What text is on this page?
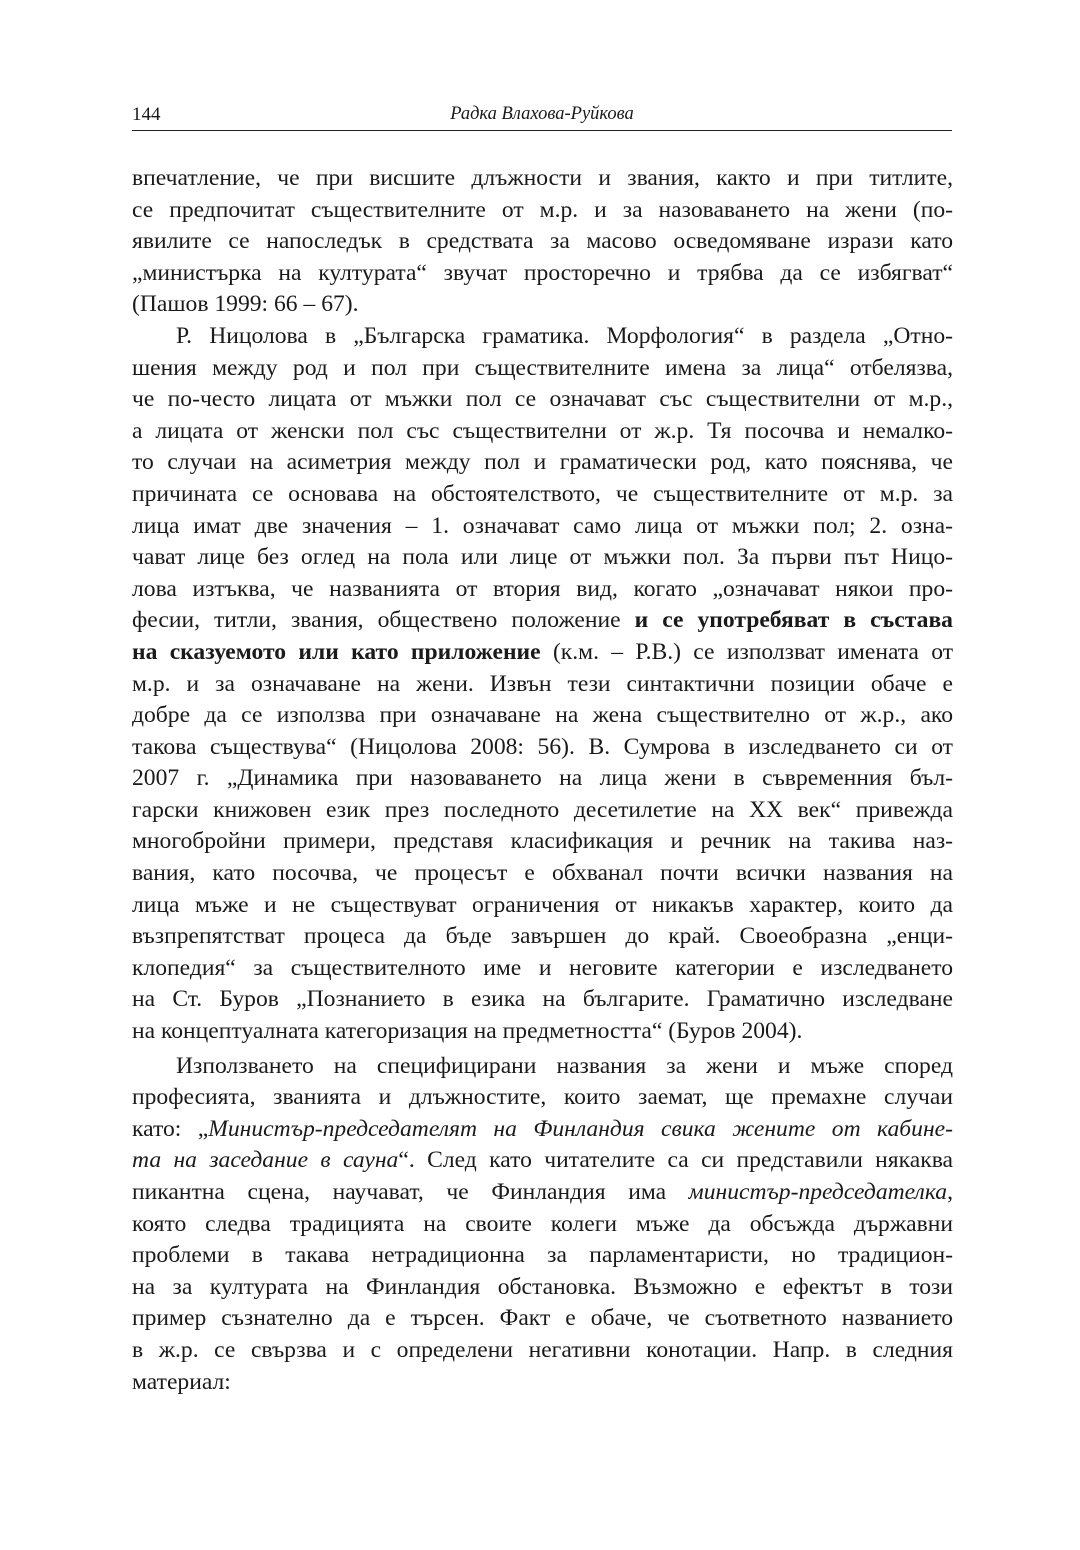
144	Радка Влахова-Руйкова

впечатление, че при висшите длъжности и звания, както и при титлите,
се предпочитат съществителните от м.р. и за назоваването на жени (по-
явилите се напоследък в средствата за масово осведомяване изрази като
„министърка на културата“ звучат простоpечно и трябва да се избягват“
(Пашов 1999: 66 – 67).

Р. Ницолова в „Българска граматика. Морфология“ в раздела „Отно-
шения между род и пол при съществителните имена за лица“ отбелязва,
че по-често лицата от мъжки пол се означават със съществителни от м.р.,
а лицата от женски пол със съществителни от ж.р. Тя посочва и немалко-
то случаи на асиметрия между пол и граматически род, като пояснява, че
причината се основава на обстоятелството, че съществителните от м.р. за
лица имат две значения – 1. означават само лица от мъжки пол; 2. озна-
чават лице без оглед на пола или лице от мъжки пол. За първи път Ницо-
лова изтъква, че названията от втория вид, когато „означават някои про-
фесии, титли, звания, обществено положение и се употребяват в състава
на сказуемото или като приложение (к.м. – Р.В.) се използват имената от
м.р. и за означаване на жени. Извън тези синтактични позиции обаче е
добре да се използва при означаване на жена съществително от ж.р., ако
такова съществува“ (Ницолова 2008: 56). В. Сумрова в изследването си от
2007 г. „Динамика при назоваването на лица жени в съвременния бъл-
гарски книжовен език през последното десетилетие на ХХ век“ привежда
многобройни примери, представя класификация и речник на такива наз-
вания, като посочва, че процесът е обхванал почти всички названия на
лица мъже и не съществуват ограничения от никакъв характер, които да
възпрепятстват процеса да бъде завършен до край. Своеобразна „енци-
клопедия“ за съществителното име и неговите категории е изследването
на Ст. Буров „Познанието в езика на българите. Граматично изследване
на концептуалната категоризация на предметността“ (Буров 2004).

Използването на специфицирани названия за жени и мъже според
професията, званията и длъжностите, които заемат, ще премахне случаи
като: „Министър-председателят на Финландия свика жените от кабине-
та на заседание в сауна“. След като читателите са си представили някаква
пикантна сцена, научават, че Финландия има министър-председателка,
която следва традицията на своите колеги мъже да обсъжда държавни
проблеми в такава нетрадиционна за парламентаристи, но традицион-
на за културата на Финландия обстановка. Възможно е ефектът в този
пример съзнателно да е търсен. Факт е обаче, че съответното названието
в ж.р. се свързва и с определени негативни конотации. Напр. в следния
материал:
